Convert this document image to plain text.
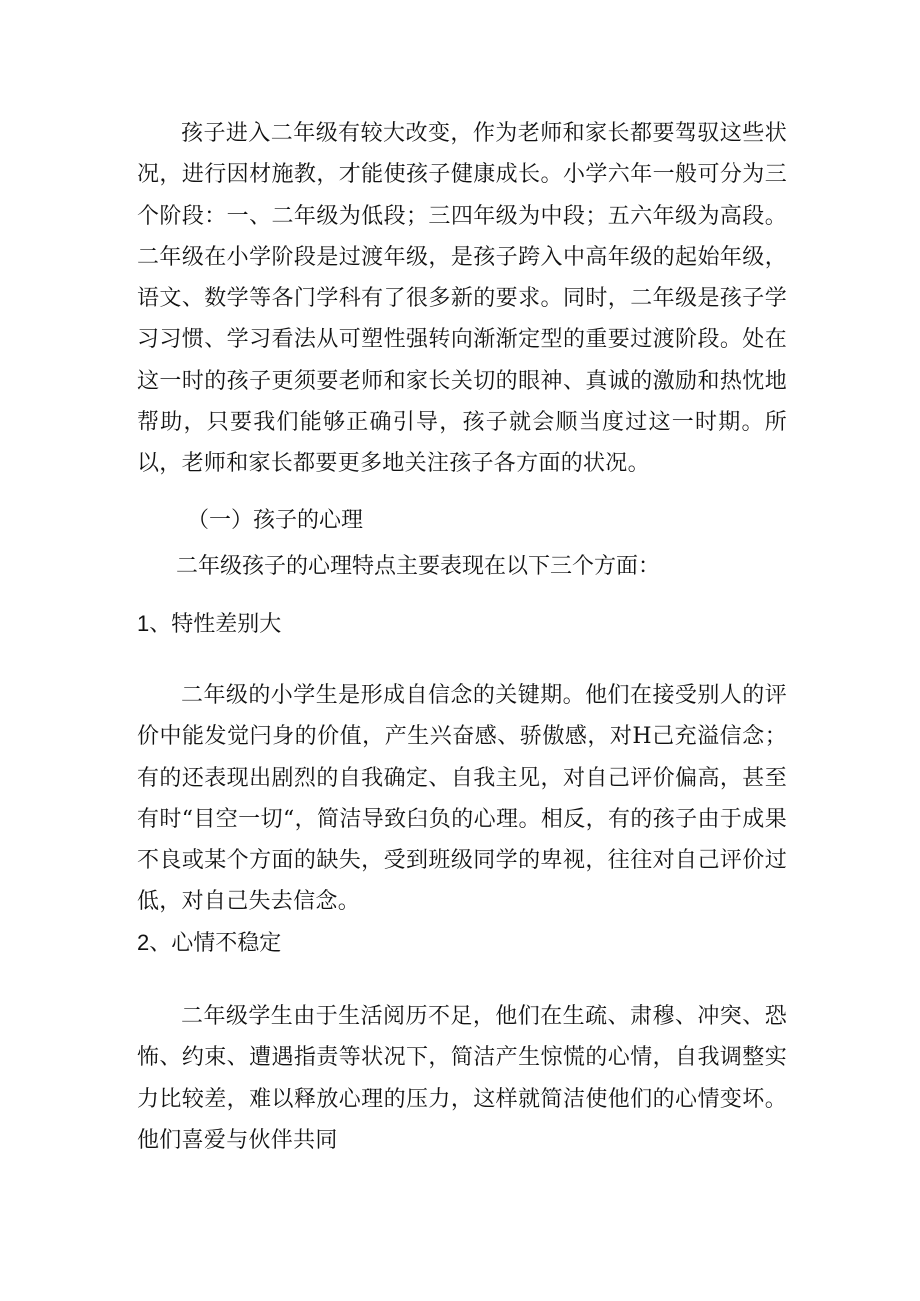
孩子进入二年级有较大改变，作为老师和家长都要驾驭这些状况，进行因材施教，才能使孩子健康成长。小学六年一般可分为三个阶段：一、二年级为低段；三四年级为中段；五六年级为高段。二年级在小学阶段是过渡年级，是孩子跨入中高年级的起始年级，语文、数学等各门学科有了很多新的要求。同时，二年级是孩子学习习惯、学习看法从可塑性强转向渐渐定型的重要过渡阶段。处在这一时的孩子更须要老师和家长关切的眼神、真诚的激励和热忱地帮助，只要我们能够正确引导，孩子就会顺当度过这一时期。所以，老师和家长都要更多地关注孩子各方面的状况。

（一）孩子的心理

二年级孩子的心理特点主要表现在以下三个方面：

1、特性差别大

二年级的小学生是形成自信念的关键期。他们在接受别人的评价中能发觉闩身的价值，产生兴奋感、骄傲感，对H己充溢信念；有的还表现出剧烈的自我确定、自我主见，对自己评价偏高，甚至有时“目空一切“，简洁导致臼负的心理。相反，有的孩子由于成果不良或某个方面的缺失，受到班级同学的卑视，往往对自己评价过低，对自己失去信念。

2、心情不稳定

二年级学生由于生活阅历不足，他们在生疏、肃穆、冲突、恐怖、约束、遭遇指责等状况下，简洁产生惊慌的心情，自我调整实力比较差，难以释放心理的压力，这样就简洁使他们的心情变坏。他们喜爱与伙伴共同
